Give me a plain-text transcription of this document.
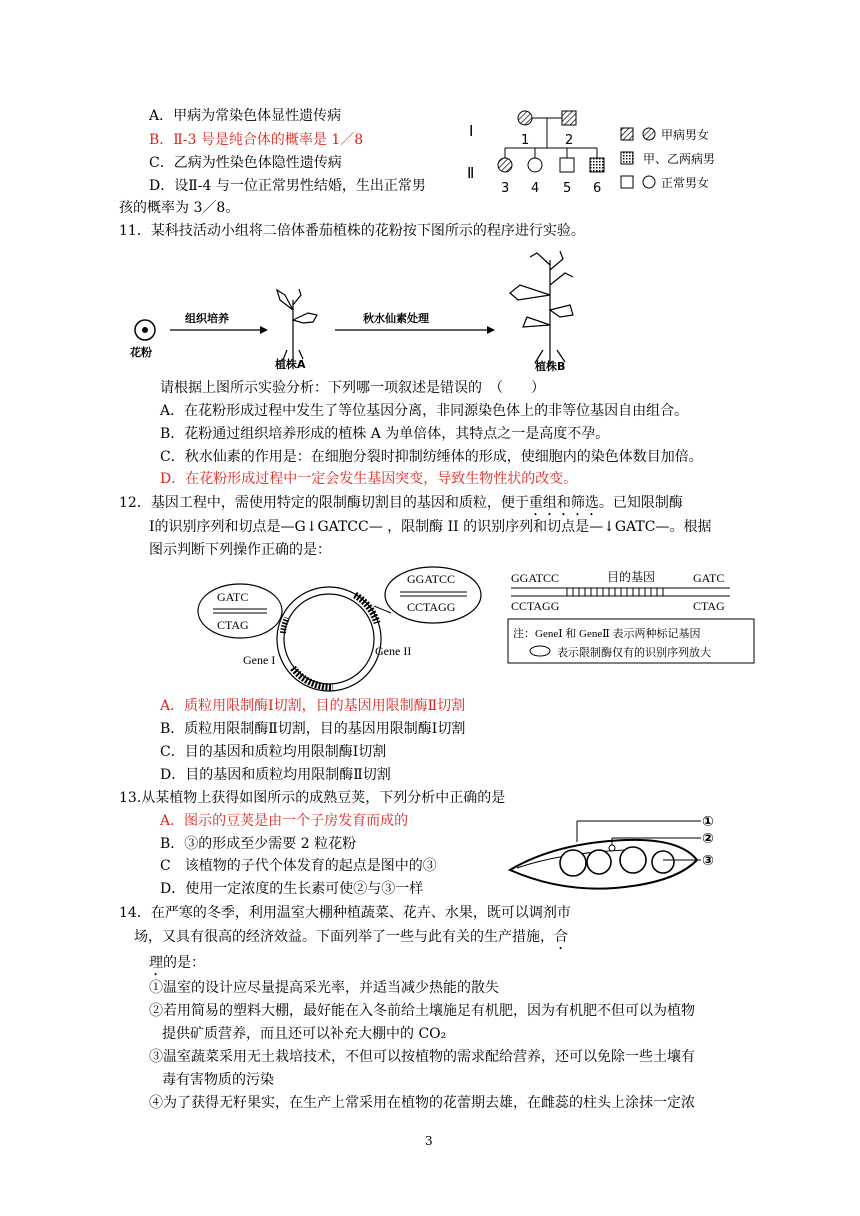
A．甲病为常染色体显性遗传病
B．Ⅱ-3 号是纯合体的概率是 1／8
C．乙病为性染色体隐性遗传病
D．设Ⅱ-4 与一位正常男性结婚，生出正常男
孩的概率为 3／8。
Ⅰ
Ⅱ
1	2
3 4 5 6
甲病男女
甲、乙两病男
正常男女
11．某科技活动小组将二倍体番茄植株的花粉按下图所示的程序进行实验。
花粉
组织培养
植株A
秋水仙素处理
植株B
请根据上图所示实验分析：下列哪一项叙述是错误的　（　　）
A．在花粉形成过程中发生了等位基因分离，非同源染色体上的非等位基因自由组合。
B．花粉通过组织培养形成的植株 A 为单倍体，其特点之一是高度不孕。
C．秋水仙素的作用是：在细胞分裂时抑制纺缍体的形成，使细胞内的染色体数目加倍。
D．在花粉形成过程中一定会发生基因突变，导致生物性状的改变。
12．基因工程中，需使用特定的限制酶切割目的基因和质粒，便于重组和筛选。已知限制酶
Ⅰ的识别序列和切点是—G↓GATCC— ，限制酶 II 的识别序列和切点是—↓GATC—。根据
图示判断下列操作正确的是：
GATC
CTAG
Gene I
Gene II
GGATCC
CCTAGG
GGATCC	目的基因	GATC
CCTAGG	CTAG
注：GeneⅠ 和 GeneⅡ 表示两种标记基因
表示限制酶仅有的识别序列放大
A．质粒用限制酶Ⅰ切割，目的基因用限制酶Ⅱ切割
B．质粒用限制酶Ⅱ切割，目的基因用限制酶Ⅰ切割
C．目的基因和质粒均用限制酶Ⅰ切割
D．目的基因和质粒均用限制酶Ⅱ切割
13.从某植物上获得如图所示的成熟豆荚，下列分析中正确的是
A．图示的豆荚是由一个子房发育而成的
B．③的形成至少需要 2 粒花粉
C　该植物的子代个体发育的起点是图中的③
D．使用一定浓度的生长素可使②与③一样
①
②
③
14．在严寒的冬季，利用温室大棚种植蔬菜、花卉、水果，既可以调剂市
场，又具有很高的经济效益。下面列举了一些与此有关的生产措施，合
理的是：
①温室的设计应尽量提高采光率，并适当减少热能的散失
②若用简易的塑料大棚，最好能在入冬前给土壤施足有机肥，因为有机肥不但可以为植物
提供矿质营养，而且还可以补充大棚中的 CO₂
③温室蔬菜采用无土栽培技术，不但可以按植物的需求配给营养，还可以免除一些土壤有
毒有害物质的污染
④为了获得无籽果实，在生产上常采用在植物的花蕾期去雄，在雌蕊的柱头上涂抹一定浓
3
